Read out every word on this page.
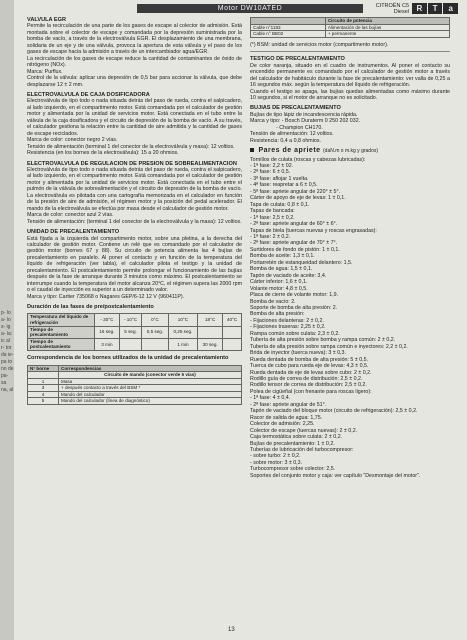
p- lo a- lo s- ig a- la: ic al r- tor da ie- pa to no de pa- sa na, al
Motor DW10ATED	CITROËN C5
Diesel R	T	a
VALVULA EGR

Permite la recirculación de una parte de los gases de escape al colector de admisión. Está montada sobre el colector de escape y comandada por la depresión suministrada por la bomba de vacío, a través de la electroválvula EGR. El desplazamiento de una membrana, solidaria de un eje y de una válvula, provoca la apertura de esta válvula y el paso de los gases de escape hacia la admisión a través de un intercambiador agua/EGR.

La recirculación de los gases de escape reduce la cantidad de contaminantes de óxido de nitrógeno (NOx).

Marca: Purflux.

Control de la válvula: aplicar una depresión de 0,5 bar para accionar la válvula, que debe desplazarse 12 ± 2 mm.

ELECTROVALVULA DE CAJA DOSIFICADORA

Electroválvula de tipo todo o nada situada detrás del paso de rueda, contra el salpicadero, al lado izquierdo, en el compartimento motor. Está comandada por el calculador de gestión motor y alimentada por la unidad de servicios motor. Está conectada en el tubo entre la válvula de la caja dosificadora y el circuito de depresión de la bomba de vacío. A su través, el calculador gestiona la relación entre la cantidad de aire admitida y la cantidad de gases de escape reciclados.

Marca de color: conector negro 2 vías.

Tensión de alimentación (terminal 1 del conector de la electroválvula y masa): 12 voltios.

Resistencia (en los bornes de la electroválvula): 15 a 20 ohmios.

ELECTROVALVULA DE REGULACION DE PRESION DE SOBREALIMENTACION

Electroválvula de tipo todo o nada situada detrás del paso de rueda, contra el salpicadero, al lado izquierdo, en el compartimento motor. Está comandada por el calculador de gestión motor y alimentada por la unidad de servicios motor. Está conectada en el tubo entre el pulmón de la válvula de sobrealimentación y el circuito de depresión de la bomba de vacío. La electroválvula es pilotada con una cartografía memorizada en el calculador en función de la presión de aire de admisión, el régimen motor y la posición del pedal acelerador. El mando de la electroválvula se efectúa por masa desde el calculador de gestión motor.

Marca de color: conector azul 2 vías.

Tensión de alimentación: (terminal 1 del conector de la electroválvula y la masa): 12 voltios.

UNIDAD DE PRECALENTAMIENTO

Está fijada a la izquierda del compartimento motor, sobre una pletina, a la derecha del calculador de gestión motor. Contiene un relé que es comandado por el calculador de gestión motor (bornes 67 y 88). Su circuito de potencia alimenta las 4 bujías de precalentamiento en paralelo. Al poner el contacto y en función de la temperatura del líquido de refrigeración (ver tabla), el calculador pilota el testigo y la unidad de precalentamiento. El postcalentamiento permite prolongar el funcionamiento de las bujías después de la fase de arranque durante 3 minutos como máximo. El postcalentamiento se interrumpe cuando la temperatura del motor alcanza 20°C, el régimen supera las 2000 rpm o el caudal de inyección es superior a un determinado valor.

Marca y tipo: Cartier 735068 o Nagares GEP/6-12 12 V (960411P).

Duración de las fases de pre/postcalentamiento
Temperatura del líquido de refrigeración	- 30°C	- 10°C	0°C	10°C	18°C	40°C
Tiempo de precalentamiento	16 seg.	5 seg.	0,5 seg.	0,25 seg.		
Tiempo de postcalentamiento	3 min			1 min	30 seg.	
Correspondencia de los bornes utilizados de la unidad de precalentamiento
N° borne	Correspondencias
	Circuito de mando (conector verde 5 vías)
1	Masa
3	+ después contacto a través del BSM *
4	Mando del calculador
5	Mando del calculador (línea de diagnóstico)
	Circuito de potencia
Cable n°1183	Alimentación de las bujías
Cable n° BB02	+ permanente

(*) BSM: unidad de servicios motor (compartimento motor).

TESTIGO DE PRECALENTAMIENTO

De color naranja, situado en el cuadro de instrumentos. Al poner el contacto su encendido permanente es comandado por el calculador de gestión motor a través del calculador de habitáculo durante la fase de precalentamiento: ver valla de 0,25 a 16 segundos máx. según la temperatura del líquido de refrigeración.

Cuando el testigo se apaga, las bujías quedan alimentadas como máximo durante 10 segundos, si el motor de arranque no es solicitado.

BUJIAS DE PRECALENTAMIENTO

Bujías de tipo lápiz de incandescencia rápida.

Marca y tipo: - Bosch Duraterm 0 250 202 032.

- Champion CH170.

Tensión de alimentación: 12 voltios.

Resistencia: 0,4 a 0,8 ohmios.

Pares de apriete (daN.m o m.kg y grados)

Tornillos de culata (roscas y cabezas lubricadas):

- 1ª fase: 2,2 ± 02.

- 2ª fase: 6 ± 0,5.

- 3ª fase: aflojar 1 vuelta.

- 4ª fase: reapretar a 6 ± 0,5.

- 5ª fase: apriete angular de 220° ± 5°.

Cárter de apoyo de eje de levas: 1 ± 0,1.

Tapa de culata: 0,8 ± 0,1.

Tapas de bancada:

- 1ª fase: 2,5 ± 0,2.

- 2ª fase: apriete angular de 60° ± 6°.

Tapas de biela (tuercas nuevas y roscas engrasadas):

- 1ª fase: 2 ± 0,2.

- 2ª fase: apriete angular de 70° ± 7°.

Surtidores de fondo de pistón: 1 ± 0,1.

Bomba de aceite: 1,3 ± 0,1.

Portarretén de estanqueidad delantero: 1,5.

Bomba de agua: 1,5 ± 0,1.

Tapón de vaciado de aceite: 3,4.

Cárter inferior: 1,6 ± 0,1.

Volante motor: 4,8 ± 0,5.

Placa de cierre de volante motor: 1,9.

Bomba de vacío: 2.

Soporte de bomba de alta presión: 2.

Bomba de alta presión:

- Fijaciones delanteras: 2 ± 0,2.

- Fijaciones traseras: 2,25 ± 0,2.

Rampa común sobre culata: 2,3 ± 0,2.

Tubería de alta presión sobre bomba y rampa común: 2 ± 0,2.

Tubería de alta presión sobre rampa común e inyectores: 2,2 ± 0,2.

Brida de inyector (tuerca nueva): 3 ± 0,3.

Rueda dentada de bomba de alta presión: 5 ± 0,5.

Tuerca de cubo para rueda eje de levas: 4,3 ± 0,5.

Rueda dentada de eje de levas sobre cubo: 2 ± 0,2.

Rodillo guía de correa de distribución: 2,5 ± 0,2.

Rodillo tensor de correa de distribución: 2,5 ± 0,2.

Polea de cigüeñal (con frenante para roscas ligero):

- 1ª fase: 4 ± 0,4.

- 2ª fase: apriete angular de 51°.

Tapón de vaciado del bloque motor (circuito de refrigeración): 2,5 ± 0,2.

Racor de salida de agua: 1,75.

Colector de admisión: 2,25.

Colector de escape (tuercas nuevas): 2 ± 0,2.

Caja termostática sobre culata: 2 ± 0,2.

Bujías de precalentamiento: 1 ± 0,2.

Tuberías de lubricación del turbocompresor:

- sobre turbo: 2 ± 0,2.

- sobre motor: 3 ± 0,3.

Turbocompresor sobre colector: 2,5.

Soportes del conjunto motor y caja: ver capítulo "Desmontaje del motor".

13
